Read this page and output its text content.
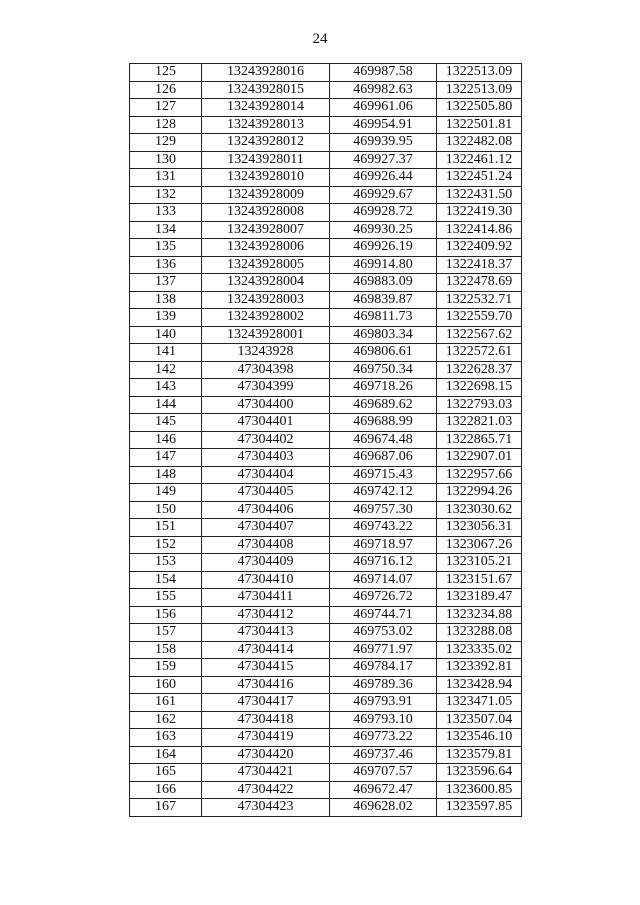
24
125	13243928016	469987.58	1322513.09
126	13243928015	469982.63	1322513.09
127	13243928014	469961.06	1322505.80
128	13243928013	469954.91	1322501.81
129	13243928012	469939.95	1322482.08
130	13243928011	469927.37	1322461.12
131	13243928010	469926.44	1322451.24
132	13243928009	469929.67	1322431.50
133	13243928008	469928.72	1322419.30
134	13243928007	469930.25	1322414.86
135	13243928006	469926.19	1322409.92
136	13243928005	469914.80	1322418.37
137	13243928004	469883.09	1322478.69
138	13243928003	469839.87	1322532.71
139	13243928002	469811.73	1322559.70
140	13243928001	469803.34	1322567.62
141	13243928	469806.61	1322572.61
142	47304398	469750.34	1322628.37
143	47304399	469718.26	1322698.15
144	47304400	469689.62	1322793.03
145	47304401	469688.99	1322821.03
146	47304402	469674.48	1322865.71
147	47304403	469687.06	1322907.01
148	47304404	469715.43	1322957.66
149	47304405	469742.12	1322994.26
150	47304406	469757.30	1323030.62
151	47304407	469743.22	1323056.31
152	47304408	469718.97	1323067.26
153	47304409	469716.12	1323105.21
154	47304410	469714.07	1323151.67
155	47304411	469726.72	1323189.47
156	47304412	469744.71	1323234.88
157	47304413	469753.02	1323288.08
158	47304414	469771.97	1323335.02
159	47304415	469784.17	1323392.81
160	47304416	469789.36	1323428.94
161	47304417	469793.91	1323471.05
162	47304418	469793.10	1323507.04
163	47304419	469773.22	1323546.10
164	47304420	469737.46	1323579.81
165	47304421	469707.57	1323596.64
166	47304422	469672.47	1323600.85
167	47304423	469628.02	1323597.85
